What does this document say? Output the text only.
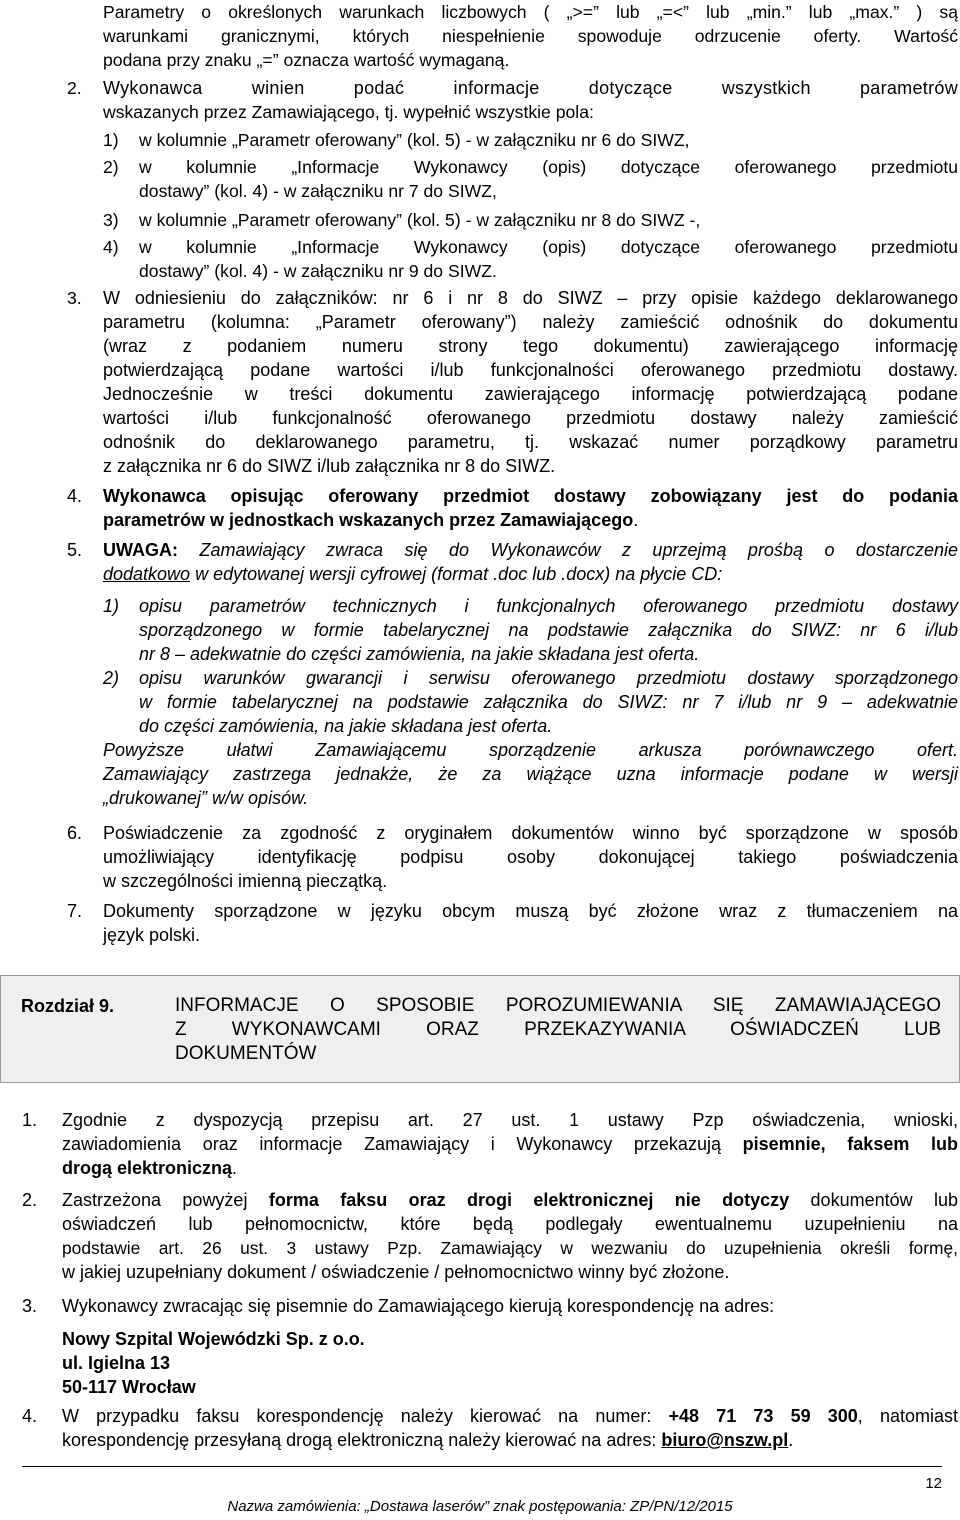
Parametry o określonych warunkach liczbowych ( „>=” lub „=<” lub „min.” lub „max.” ) są
warunkami granicznymi, których niespełnienie spowoduje odrzucenie oferty. Wartość
podana przy znaku „=” oznacza wartość wymaganą.
2. Wykonawca winien podać informacje dotyczące wszystkich parametrów
wskazanych przez Zamawiającego, tj. wypełnić wszystkie pola:
1) w kolumnie „Parametr oferowany” (kol. 5) - w załączniku nr 6 do SIWZ,
2) w kolumnie „Informacje Wykonawcy (opis) dotyczące oferowanego przedmiotu
dostawy” (kol. 4) - w załączniku nr 7 do SIWZ,
3) w kolumnie „Parametr oferowany” (kol. 5) - w załączniku nr 8 do SIWZ -,
4) w kolumnie „Informacje Wykonawcy (opis) dotyczące oferowanego przedmiotu
dostawy” (kol. 4) - w załączniku nr 9 do SIWZ.
3. W odniesieniu do załączników: nr 6 i nr 8 do SIWZ – przy opisie każdego deklarowanego
parametru (kolumna: „Parametr oferowany”) należy zamieścić odnośnik do dokumentu
(wraz z podaniem numeru strony tego dokumentu) zawierającego informację
potwierdzającą podane wartości i/lub funkcjonalności oferowanego przedmiotu dostawy.
Jednocześnie w treści dokumentu zawierającego informację potwierdzającą podane
wartości i/lub funkcjonalność oferowanego przedmiotu dostawy należy zamieścić
odnośnik do deklarowanego parametru, tj. wskazać numer porządkowy parametru
z załącznika nr 6 do SIWZ i/lub załącznika nr 8 do SIWZ.
4. Wykonawca opisując oferowany przedmiot dostawy zobowiązany jest do podania
parametrów w jednostkach wskazanych przez Zamawiającego.
5. UWAGA: Zamawiający zwraca się do Wykonawców z uprzejmą prośbą o dostarczenie
dodatkowo w edytowanej wersji cyfrowej (format .doc lub .docx) na płycie CD:
1) opisu parametrów technicznych i funkcjonalnych oferowanego przedmiotu dostawy
sporządzonego w formie tabelarycznej na podstawie załącznika do SIWZ: nr 6 i/lub
nr 8 – adekwatnie do części zamówienia, na jakie składana jest oferta.
2) opisu warunków gwarancji i serwisu oferowanego przedmiotu dostawy sporządzonego
w formie tabelarycznej na podstawie załącznika do SIWZ: nr 7 i/lub nr 9 – adekwatnie
do części zamówienia, na jakie składana jest oferta.
Powyższe ułatwi Zamawiającemu sporządzenie arkusza porównawczego ofert.
Zamawiający zastrzega jednakże, że za wiążące uzna informacje podane w wersji
„drukowanej” w/w opisów.
6. Poświadczenie za zgodność z oryginałem dokumentów winno być sporządzone w sposób
umożliwiający identyfikację podpisu osoby dokonującej takiego poświadczenia
w szczególności imienną pieczątką.
7. Dokumenty sporządzone w języku obcym muszą być złożone wraz z tłumaczeniem na
język polski.
Rozdział 9.	INFORMACJE O SPOSOBIE POROZUMIEWANIA SIĘ ZAMAWIAJĄCEGO
Z WYKONAWCAMI ORAZ PRZEKAZYWANIA OŚWIADCZEŃ LUB
DOKUMENTÓW
1. Zgodnie z dyspozycją przepisu art. 27 ust. 1 ustawy Pzp oświadczenia, wnioski,
zawiadomienia oraz informacje Zamawiający i Wykonawcy przekazują pisemnie, faksem lub
drogą elektroniczną.
2. Zastrzeżona powyżej forma faksu oraz drogi elektronicznej nie dotyczy dokumentów lub
oświadczeń lub pełnomocnictw, które będą podlegały ewentualnemu uzupełnieniu na
podstawie art. 26 ust. 3 ustawy Pzp. Zamawiający w wezwaniu do uzupełnienia określi formę,
w jakiej uzupełniany dokument / oświadczenie / pełnomocnictwo winny być złożone.
3. Wykonawcy zwracając się pisemnie do Zamawiającego kierują korespondencję na adres:
Nowy Szpital Wojewódzki Sp. z o.o.
ul. Igielna 13
50-117 Wrocław
4. W przypadku faksu korespondencję należy kierować na numer: +48 71 73 59 300, natomiast
korespondencję przesyłaną drogą elektroniczną należy kierować na adres: biuro@nszw.pl.
12
Nazwa zamówienia: „Dostawa laserów” znak postępowania: ZP/PN/12/2015
